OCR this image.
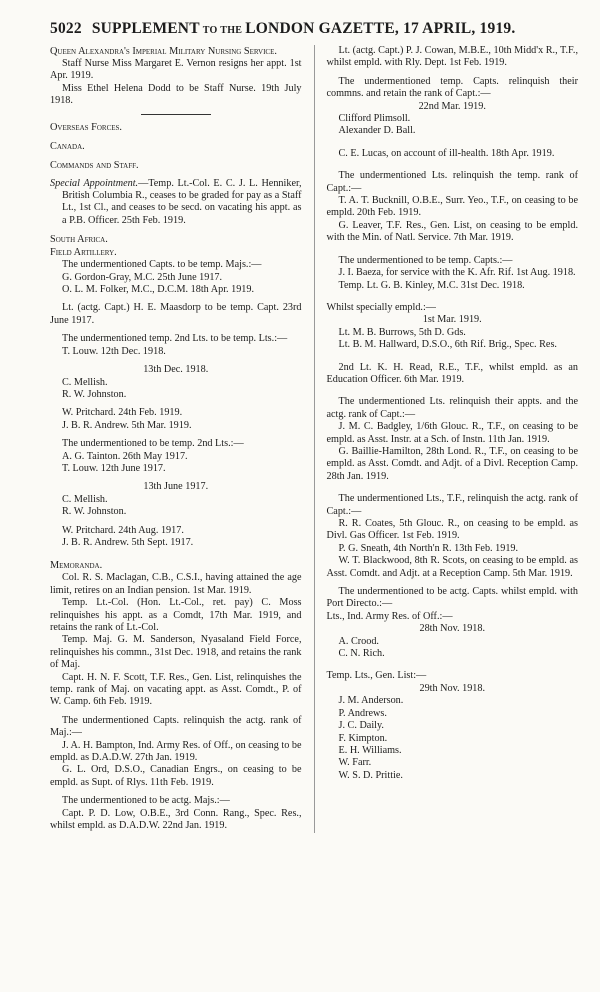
5022 SUPPLEMENT TO THE LONDON GAZETTE, 17 APRIL, 1919.

Queen Alexandra's Imperial Military Nursing Service.

Staff Nurse Miss Margaret E. Vernon resigns her appt. 1st Apr. 1919.

Miss Ethel Helena Dodd to be Staff Nurse. 19th July 1918.

Overseas Forces.

Canada.

Commands and Staff.

Special Appointment.—Temp. Lt.-Col. E. C. J. L. Henniker, British Columbia R., ceases to be graded for pay as a Staff Lt., 1st Cl., and ceases to be secd. on vacating his appt. as a P.B. Officer. 25th Feb. 1919.

South Africa.

Field Artillery.

The undermentioned Capts. to be temp. Majs.:—

G. Gordon-Gray, M.C. 25th June 1917.

O. L. M. Folker, M.C., D.C.M. 18th Apr. 1919.

Lt. (actg. Capt.) H. E. Maasdorp to be temp. Capt. 23rd June 1917.

The undermentioned temp. 2nd Lts. to be temp. Lts.:—

T. Louw. 12th Dec. 1918.

13th Dec. 1918.

C. Mellish.

R. W. Johnston.

W. Pritchard. 24th Feb. 1919.

J. B. R. Andrew. 5th Mar. 1919.

The undermentioned to be temp. 2nd Lts.:—

A. G. Tainton. 26th May 1917.

T. Louw. 12th June 1917.

13th June 1917.

C. Mellish.

R. W. Johnston.

W. Pritchard. 24th Aug. 1917.

J. B. R. Andrew. 5th Sept. 1917.

Memoranda.

Col. R. S. Maclagan, C.B., C.S.I., having attained the age limit, retires on an Indian pension. 1st Mar. 1919.

Temp. Lt.-Col. (Hon. Lt.-Col., ret. pay) C. Moss relinquishes his appt. as a Comdt, 17th Mar. 1919, and retains the rank of Lt.-Col.

Temp. Maj. G. M. Sanderson, Nyasaland Field Force, relinquishes his commn., 31st Dec. 1918, and retains the rank of Maj.

Capt. H. N. F. Scott, T.F. Res., Gen. List, relinquishes the temp. rank of Maj. on vacating appt. as Asst. Comdt., P. of W. Camp. 6th Feb. 1919.

The undermentioned Capts. relinquish the actg. rank of Maj.:—

J. A. H. Bampton, Ind. Army Res. of Off., on ceasing to be empld. as D.A.D.W. 27th Jan. 1919.

G. L. Ord, D.S.O., Canadian Engrs., on ceasing to be empld. as Supt. of Rlys. 11th Feb. 1919.

The undermentioned to be actg. Majs.:—

Capt. P. D. Low, O.B.E., 3rd Conn. Rang., Spec. Res., whilst empld. as D.A.D.W. 22nd Jan. 1919.

Lt. (actg. Capt.) P. J. Cowan, M.B.E., 10th Midd'x R., T.F., whilst empld. with Rly. Dept. 1st Feb. 1919.

The undermentioned temp. Capts. relinquish their commns. and retain the rank of Capt.:—

22nd Mar. 1919.

Clifford Plimsoll.

Alexander D. Ball.

C. E. Lucas, on account of ill-health. 18th Apr. 1919.

The undermentioned Lts. relinquish the temp. rank of Capt.:—

T. A. T. Bucknill, O.B.E., Surr. Yeo., T.F., on ceasing to be empld. 20th Feb. 1919.

G. Leaver, T.F. Res., Gen. List, on ceasing to be empld. with the Min. of Natl. Service. 7th Mar. 1919.

The undermentioned to be temp. Capts.:—

J. I. Baeza, for service with the K. Afr. Rif. 1st Aug. 1918.

Temp. Lt. G. B. Kinley, M.C. 31st Dec. 1918.

Whilst specially empld.:—

1st Mar. 1919.

Lt. M. B. Burrows, 5th D. Gds.

Lt. B. M. Hallward, D.S.O., 6th Rif. Brig., Spec. Res.

2nd Lt. K. H. Read, R.E., T.F., whilst empld. as an Education Officer. 6th Mar. 1919.

The undermentioned Lts. relinquish their appts. and the actg. rank of Capt.:—

J. M. C. Badgley, 1/6th Glouc. R., T.F., on ceasing to be empld. as Asst. Instr. at a Sch. of Instn. 11th Jan. 1919.

G. Baillie-Hamilton, 28th Lond. R., T.F., on ceasing to be empld. as Asst. Comdt. and Adjt. of a Divl. Reception Camp. 28th Jan. 1919.

The undermentioned Lts., T.F., relinquish the actg. rank of Capt.:—

R. R. Coates, 5th Glouc. R., on ceasing to be empld. as Divl. Gas Officer. 1st Feb. 1919.

P. G. Sneath, 4th North'n R. 13th Feb. 1919.

W. T. Blackwood, 8th R. Scots, on ceasing to be empld. as Asst. Comdt. and Adjt. at a Reception Camp. 5th Mar. 1919.

The undermentioned to be actg. Capts. whilst empld. with Port Directo.:—

Lts., Ind. Army Res. of Off.:—

28th Nov. 1918.

A. Crood.

C. N. Rich.

Temp. Lts., Gen. List:—

29th Nov. 1918.

J. M. Anderson.

P. Andrews.

J. C. Daily.

F. Kimpton.

E. H. Williams.

W. Farr.

W. S. D. Prittie.
